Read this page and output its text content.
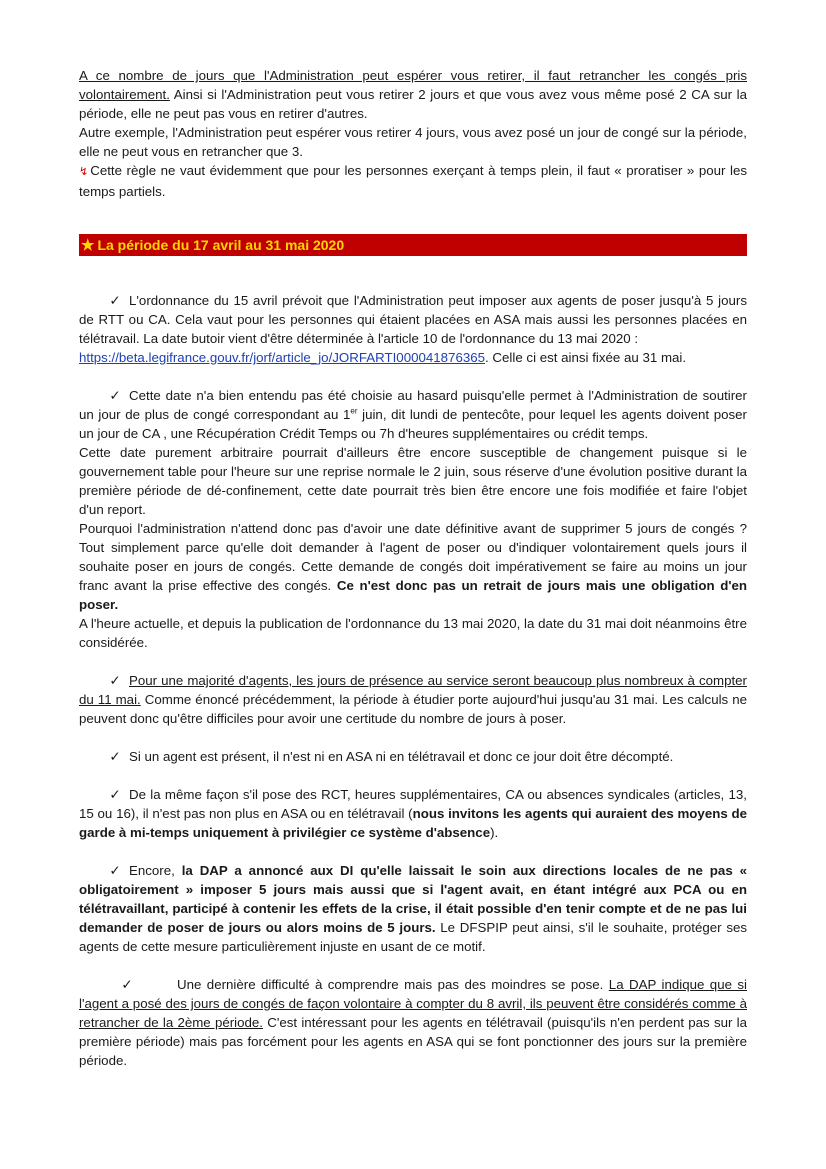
A ce nombre de jours que l'Administration peut espérer vous retirer, il faut retrancher les congés pris volontairement. Ainsi si l'Administration peut vous retirer 2 jours et que vous avez vous même posé 2 CA sur la période, elle ne peut pas vous en retirer d'autres.

Autre exemple, l'Administration peut espérer vous retirer 4 jours, vous avez posé un jour de congé sur la période, elle ne peut vous en retrancher que 3.

↯ Cette règle ne vaut évidemment que pour les personnes exerçant à temps plein, il faut « proratiser » pour les temps partiels.

★ La période du 17 avril au 31 mai 2020

✓ L'ordonnance du 15 avril prévoit que l'Administration peut imposer aux agents de poser jusqu'à 5 jours de RTT ou CA. Cela vaut pour les personnes qui étaient placées en ASA mais aussi les personnes placées en télétravail. La date butoir vient d'être déterminée à l'article 10 de l'ordonnance du 13 mai 2020 :
https://beta.legifrance.gouv.fr/jorf/article_jo/JORFARTI000041876365. Celle ci est ainsi fixée au 31 mai.

✓ Cette date n'a bien entendu pas été choisie au hasard puisqu'elle permet à l'Administration de soutirer un jour de plus de congé correspondant au 1er juin, dit lundi de pentecôte, pour lequel les agents doivent poser un jour de CA , une Récupération Crédit Temps ou 7h d'heures supplémentaires ou crédit temps.

Cette date purement arbitraire pourrait d'ailleurs être encore susceptible de changement puisque si le gouvernement table pour l'heure sur une reprise normale le 2 juin, sous réserve d'une évolution positive durant la première période de dé-confinement, cette date pourrait très bien être encore une fois modifiée et faire l'objet d'un report.

Pourquoi l'administration n'attend donc pas d'avoir une date définitive avant de supprimer 5 jours de congés ? Tout simplement parce qu'elle doit demander à l'agent de poser ou d'indiquer volontairement quels jours il souhaite poser en jours de congés. Cette demande de congés doit impérativement se faire au moins un jour franc avant la prise effective des congés. Ce n'est donc pas un retrait de jours mais une obligation d'en poser.

A l'heure actuelle, et depuis la publication de l'ordonnance du 13 mai 2020, la date du 31 mai doit néanmoins être considérée.

✓ Pour une majorité d'agents, les jours de présence au service seront beaucoup plus nombreux à compter du 11 mai. Comme énoncé précédemment, la période à étudier porte aujourd'hui jusqu'au 31 mai. Les calculs ne peuvent donc qu'être difficiles pour avoir une certitude du nombre de jours à poser.

✓ Si un agent est présent, il n'est ni en ASA ni en télétravail et donc ce jour doit être décompté.

✓ De la même façon s'il pose des RCT, heures supplémentaires, CA ou absences syndicales (articles, 13, 15 ou 16), il n'est pas non plus en ASA ou en télétravail (nous invitons les agents qui auraient des moyens de garde à mi-temps uniquement à privilégier ce système d'absence).

✓ Encore, la DAP a annoncé aux DI qu'elle laissait le soin aux directions locales de ne pas « obligatoirement » imposer 5 jours mais aussi que si l'agent avait, en étant intégré aux PCA ou en télétravaillant, participé à contenir les effets de la crise, il était possible d'en tenir compte et de ne pas lui demander de poser de jours ou alors moins de 5 jours. Le DFSPIP peut ainsi, s'il le souhaite, protéger ses agents de cette mesure particulièrement injuste en usant de ce motif.

✓	Une dernière difficulté à comprendre mais pas des moindres se pose. La DAP indique que si l'agent a posé des jours de congés de façon volontaire à compter du 8 avril, ils peuvent être considérés comme à retrancher de la 2ème période. C'est intéressant pour les agents en télétravail (puisqu'ils n'en perdent pas sur la première période) mais pas forcément pour les agents en ASA qui se font ponctionner des jours sur la première période.
